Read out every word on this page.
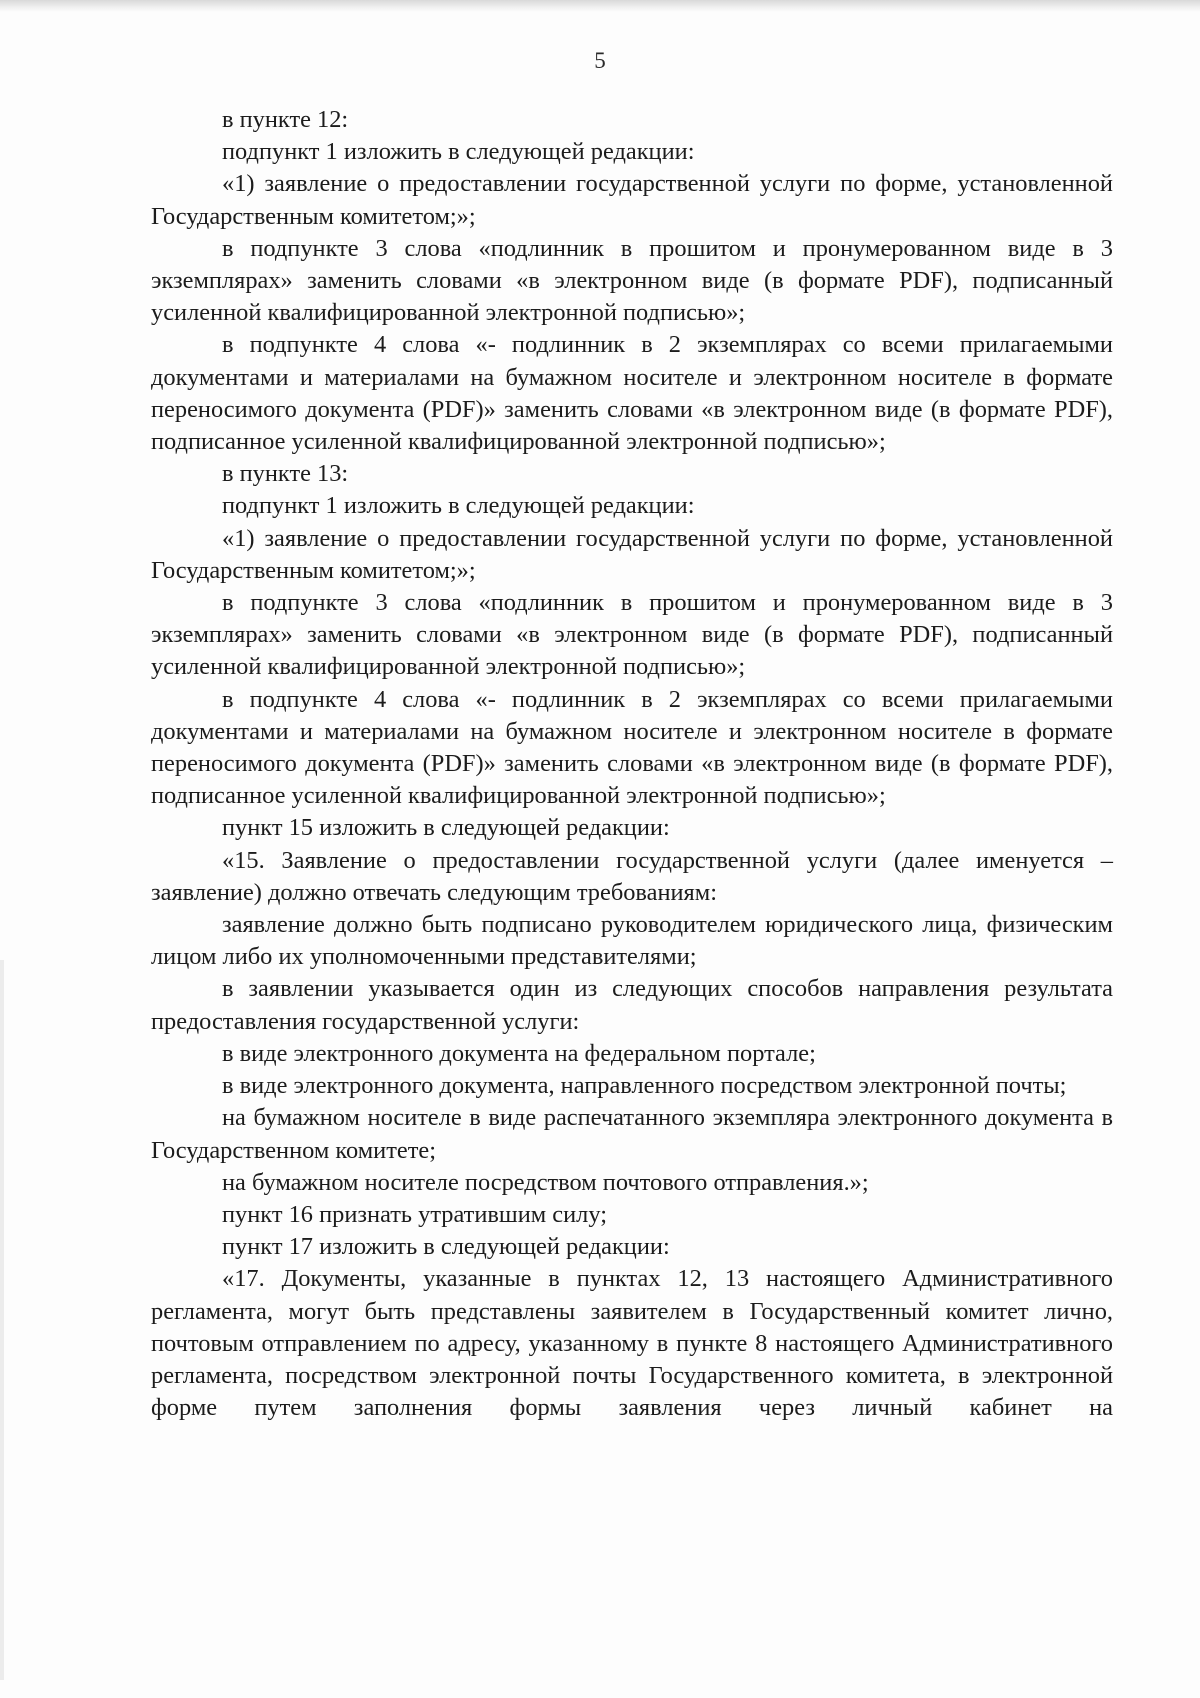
5

в пункте 12:

подпункт 1 изложить в следующей редакции:

«1) заявление о предоставлении государственной услуги по форме, установленной Государственным комитетом;»;

в подпункте 3 слова «подлинник в прошитом и пронумерованном виде в 3 экземплярах» заменить словами «в электронном виде (в формате PDF), подписанный усиленной квалифицированной электронной подписью»;

в подпункте 4 слова «- подлинник в 2 экземплярах со всеми прилагаемыми документами и материалами на бумажном носителе и электронном носителе в формате переносимого документа (PDF)» заменить словами «в электронном виде (в формате PDF), подписанное усиленной квалифицированной электронной подписью»;

в пункте 13:

подпункт 1 изложить в следующей редакции:

«1) заявление о предоставлении государственной услуги по форме, установленной Государственным комитетом;»;

в подпункте 3 слова «подлинник в прошитом и пронумерованном виде в 3 экземплярах» заменить словами «в электронном виде (в формате PDF), подписанный усиленной квалифицированной электронной подписью»;

в подпункте 4 слова «- подлинник в 2 экземплярах со всеми прилагаемыми документами и материалами на бумажном носителе и электронном носителе в формате переносимого документа (PDF)» заменить словами «в электронном виде (в формате PDF), подписанное усиленной квалифицированной электронной подписью»;

пункт 15 изложить в следующей редакции:

«15. Заявление о предоставлении государственной услуги (далее именуется – заявление) должно отвечать следующим требованиям:

заявление должно быть подписано руководителем юридического лица, физическим лицом либо их уполномоченными представителями;

в заявлении указывается один из следующих способов направления результата предоставления государственной услуги:

в виде электронного документа на федеральном портале;

в виде электронного документа, направленного посредством электронной почты;

на бумажном носителе в виде распечатанного экземпляра электронного документа в Государственном комитете;

на бумажном носителе посредством почтового отправления.»;

пункт 16 признать утратившим силу;

пункт 17 изложить в следующей редакции:

«17. Документы, указанные в пунктах 12, 13 настоящего Административного регламента, могут быть представлены заявителем в Государственный комитет лично, почтовым отправлением по адресу, указанному в пункте 8 настоящего Административного регламента, посредством электронной почты Государственного комитета, в электронной форме путем заполнения формы заявления через личный кабинет на
